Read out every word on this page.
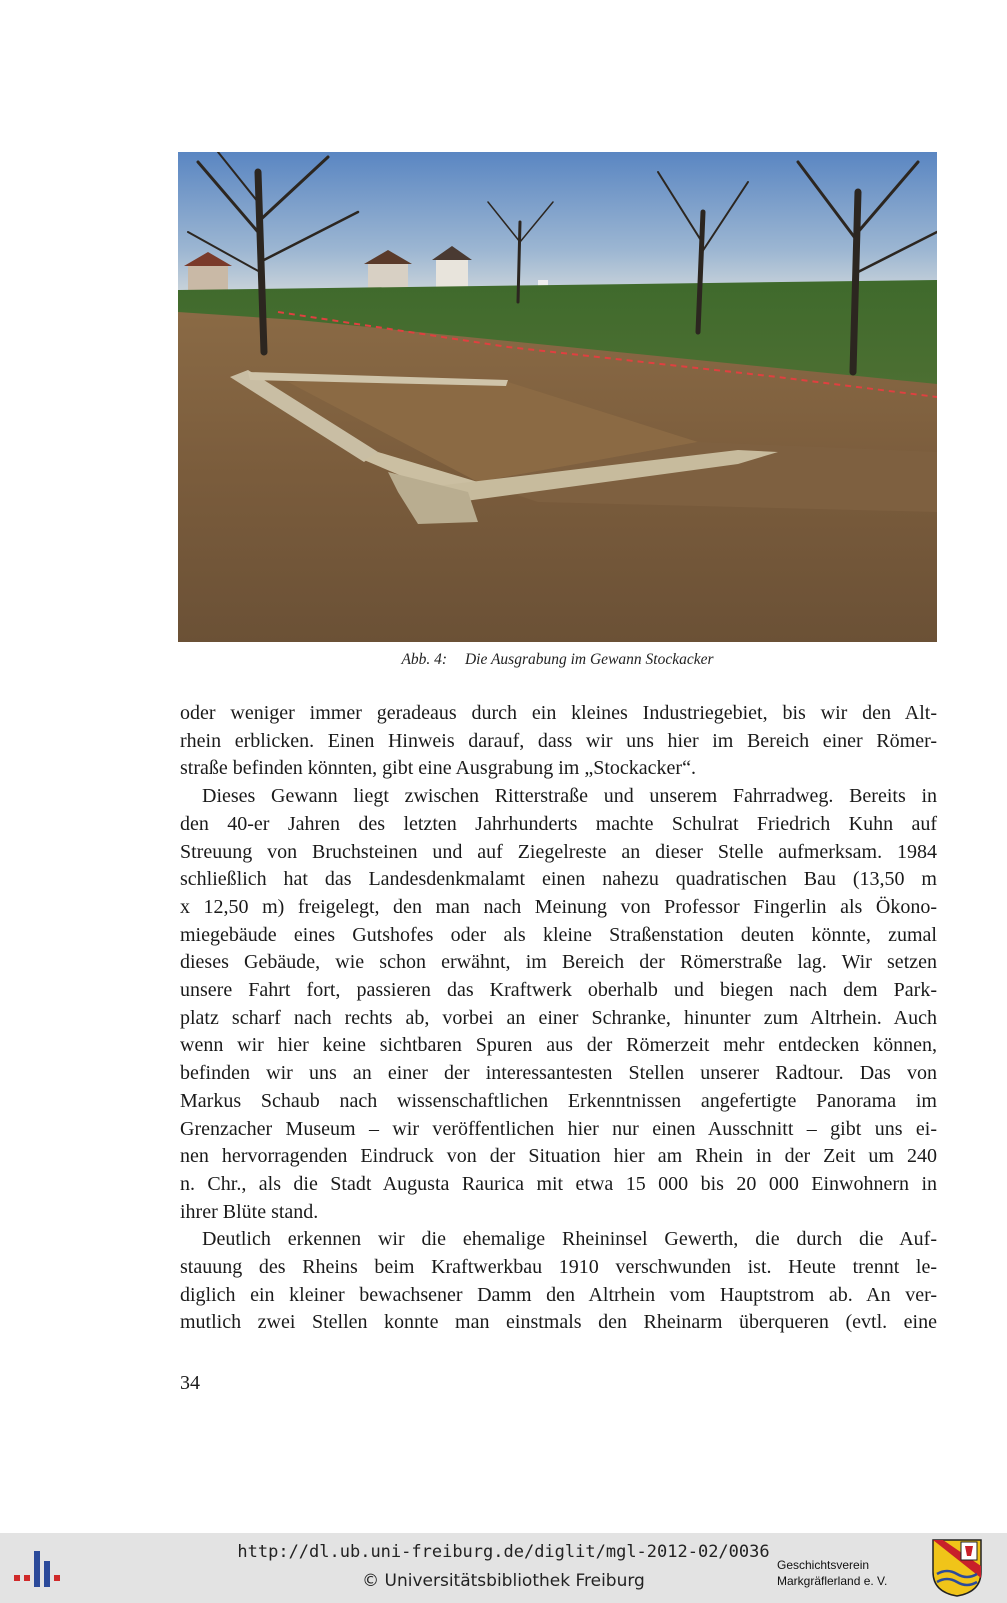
Abb. 4: Die Ausgrabung im Gewann Stockacker

oder weniger immer geradeaus durch ein kleines Industriegebiet, bis wir den Alt-
rhein erblicken. Einen Hinweis darauf, dass wir uns hier im Bereich einer Römer-
straße befinden könnten, gibt eine Ausgrabung im „Stockacker“.

Dieses Gewann liegt zwischen Ritterstraße und unserem Fahrradweg. Bereits in
den 40-er Jahren des letzten Jahrhunderts machte Schulrat Friedrich Kuhn auf
Streuung von Bruchsteinen und auf Ziegelreste an dieser Stelle aufmerksam. 1984
schließlich hat das Landesdenkmalamt einen nahezu quadratischen Bau (13,50 m
x 12,50 m) freigelegt, den man nach Meinung von Professor Fingerlin als Ökono-
miegebäude eines Gutshofes oder als kleine Straßenstation deuten könnte, zumal
dieses Gebäude, wie schon erwähnt, im Bereich der Römerstraße lag. Wir setzen
unsere Fahrt fort, passieren das Kraftwerk oberhalb und biegen nach dem Park-
platz scharf nach rechts ab, vorbei an einer Schranke, hinunter zum Altrhein. Auch
wenn wir hier keine sichtbaren Spuren aus der Römerzeit mehr entdecken können,
befinden wir uns an einer der interessantesten Stellen unserer Radtour. Das von
Markus Schaub nach wissenschaftlichen Erkenntnissen angefertigte Panorama im
Grenzacher Museum – wir veröffentlichen hier nur einen Ausschnitt – gibt uns ei-
nen hervorragenden Eindruck von der Situation hier am Rhein in der Zeit um 240
n. Chr., als die Stadt Augusta Raurica mit etwa 15 000 bis 20 000 Einwohnern in
ihrer Blüte stand.

Deutlich erkennen wir die ehemalige Rheininsel Gewerth, die durch die Auf-
stauung des Rheins beim Kraftwerkbau 1910 verschwunden ist. Heute trennt le-
diglich ein kleiner bewachsener Damm den Altrhein vom Hauptstrom ab. An ver-
mutlich zwei Stellen konnte man einstmals den Rheinarm überqueren (evtl. eine

34
http://dl.ub.uni-freiburg.de/diglit/mgl-2012-02/0036
© Universitätsbibliothek Freiburg
Geschichtsverein
Markgräflerland e. V.
